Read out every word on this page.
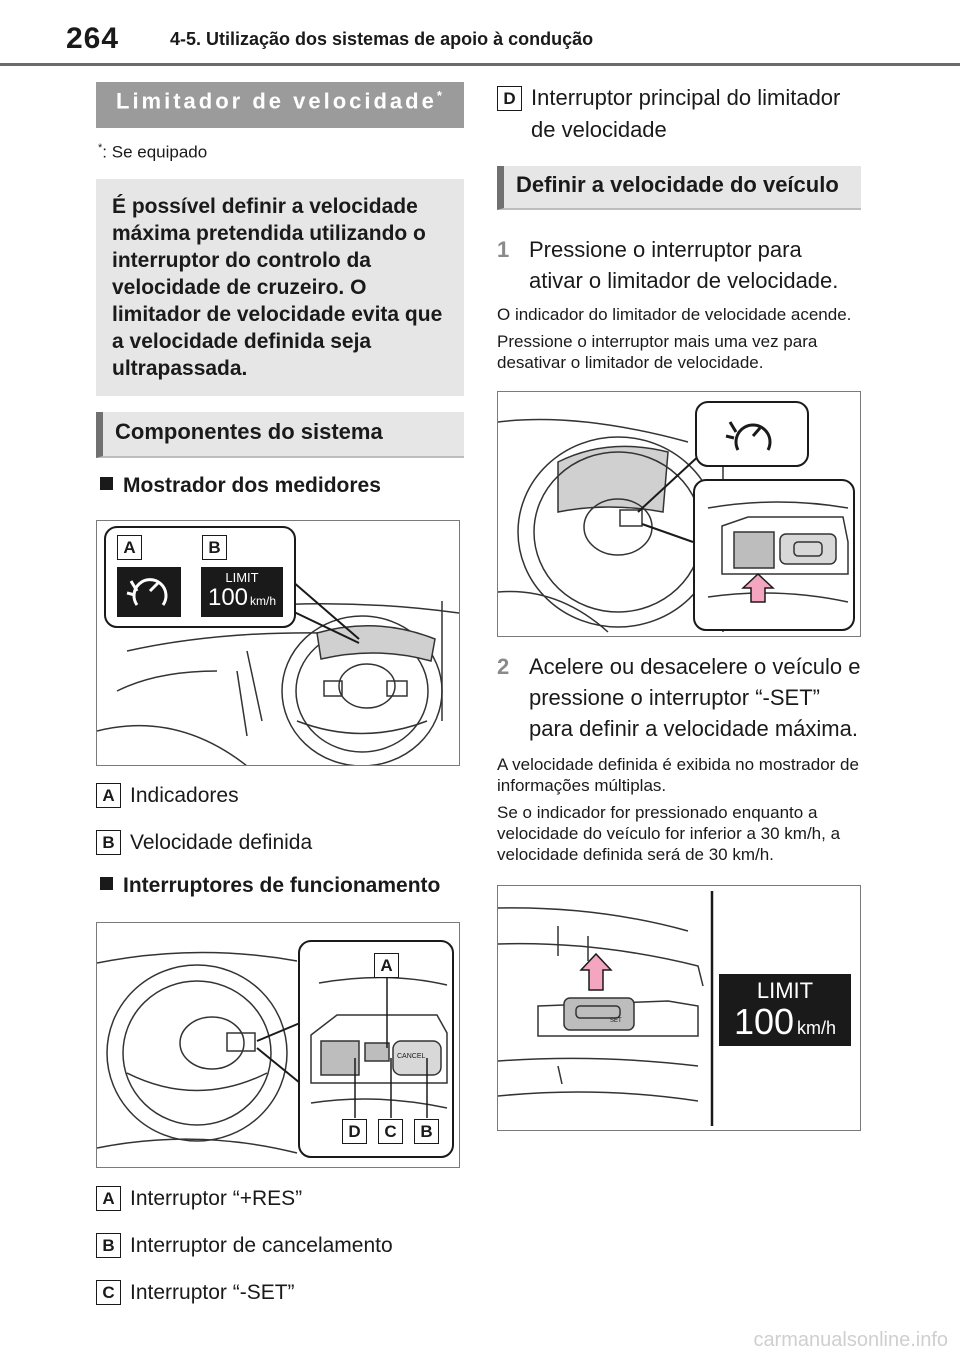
264	4-5. Utilização dos sistemas de apoio à condução
Limitador de velocidade*
*: Se equipado
É possível definir a velocidade máxima pretendida utilizando o interruptor do controlo da velocidade de cruzeiro. O limitador de velocidade evita que a velocidade definida seja ultrapassada.
Componentes do sistema
Mostrador dos medidores
A	B
LIMIT
100 km/h
A Indicadores
B Velocidade definida
Interruptores de funcionamento
CANCEL
A
D	C	B
A Interruptor “+RES”
B Interruptor de cancelamento
C Interruptor “-SET”
D Interruptor principal do limitador de velocidade
Definir a velocidade do veículo
1 Pressione o interruptor para ativar o limitador de velocidade.
O indicador do limitador de velocidade acende.
Pressione o interruptor mais uma vez para desativar o limitador de velocidade.
2 Acelere ou desacelere o veículo e pressione o interruptor “-SET” para definir a velocidade máxima.
A velocidade definida é exibida no mostrador de informações múltiplas.
Se o indicador for pressionado enquanto a velocidade do veículo for inferior a 30 km/h, a velocidade definida será de 30 km/h.
SET
LIMIT
100 km/h
carmanualsonline.info
